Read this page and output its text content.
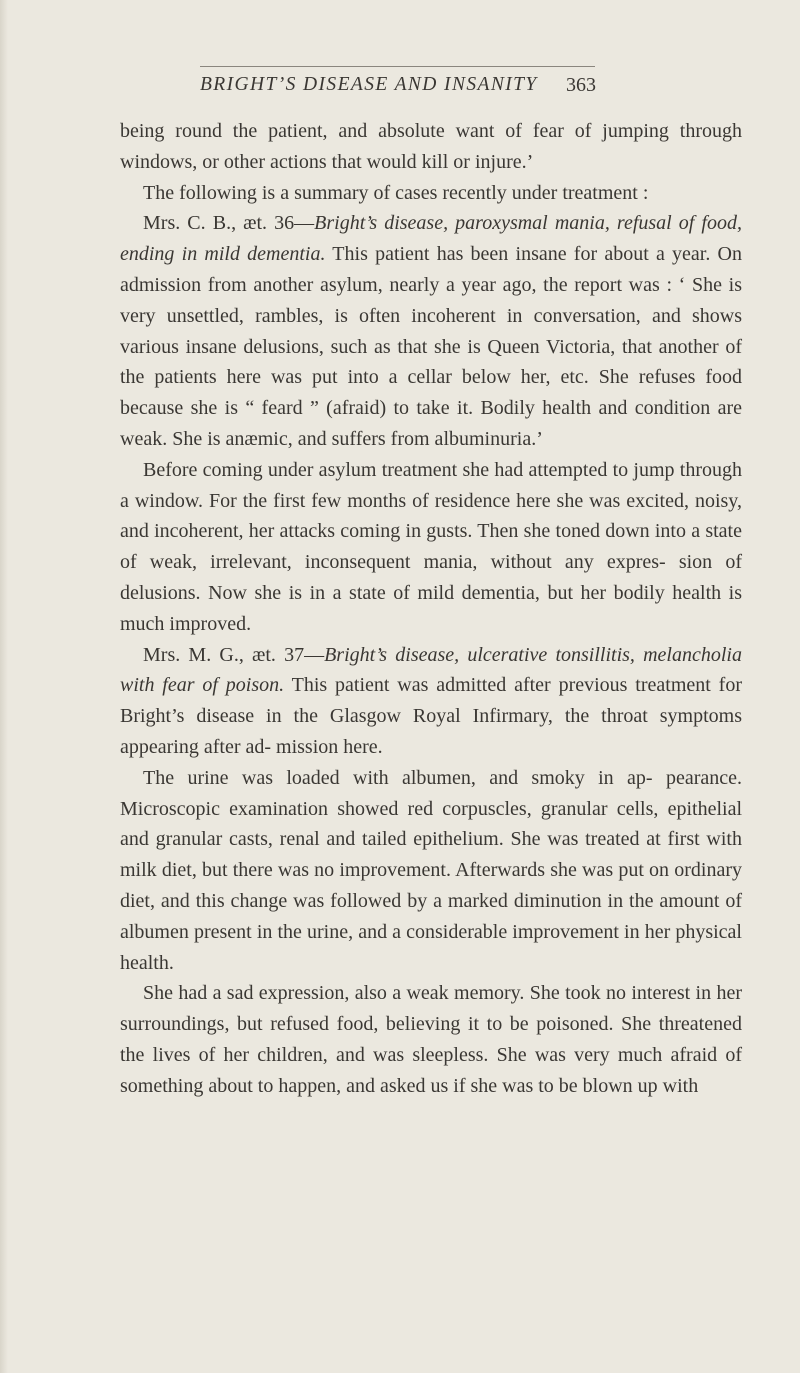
BRIGHT’S DISEASE AND INSANITY 363

being round the patient, and absolute want of fear of jumping through windows, or other actions that would kill or injure.’

The following is a summary of cases recently under treatment :

Mrs. C. B., æt. 36—Bright’s disease, paroxysmal mania, refusal of food, ending in mild dementia. This patient has been insane for about a year. On admission from another asylum, nearly a year ago, the report was : ‘ She is very unsettled, rambles, is often incoherent in conversation, and shows various insane delusions, such as that she is Queen Victoria, that another of the patients here was put into a cellar below her, etc. She refuses food because she is “ feard ” (afraid) to take it. Bodily health and condition are weak. She is anæmic, and suffers from albuminuria.’

Before coming under asylum treatment she had attempted to jump through a window. For the first few months of residence here she was excited, noisy, and incoherent, her attacks coming in gusts. Then she toned down into a state of weak, irrelevant, inconsequent mania, without any expres- sion of delusions. Now she is in a state of mild dementia, but her bodily health is much improved.

Mrs. M. G., æt. 37—Bright’s disease, ulcerative tonsillitis, melancholia with fear of poison. This patient was admitted after previous treatment for Bright’s disease in the Glasgow Royal Infirmary, the throat symptoms appearing after ad- mission here.

The urine was loaded with albumen, and smoky in ap- pearance. Microscopic examination showed red corpuscles, granular cells, epithelial and granular casts, renal and tailed epithelium. She was treated at first with milk diet, but there was no improvement. Afterwards she was put on ordinary diet, and this change was followed by a marked diminution in the amount of albumen present in the urine, and a considerable improvement in her physical health.

She had a sad expression, also a weak memory. She took no interest in her surroundings, but refused food, believing it to be poisoned. She threatened the lives of her children, and was sleepless. She was very much afraid of something about to happen, and asked us if she was to be blown up with
